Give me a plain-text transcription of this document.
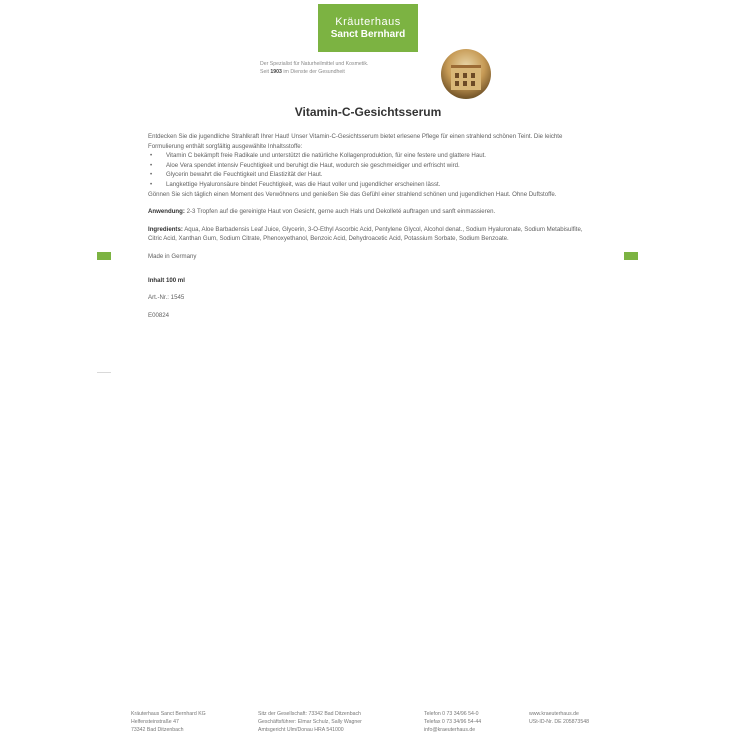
Kräuterhaus
Sanct Bernhard
Der Spezialist für Naturheilmittel und Kosmetik.
Seit 1903 im Dienste der Gesundheit
Vitamin-C-Gesichtsserum

Entdecken Sie die jugendliche Strahlkraft Ihrer Haut! Unser Vitamin-C-Gesichtsserum bietet erlesene Pflege für einen strahlend schönen Teint. Die leichte Formulierung enthält sorgfältig ausgewählte Inhaltsstoffe:

• Vitamin C bekämpft freie Radikale und unterstützt die natürliche Kollagenproduktion, für eine festere und glattere Haut.
• Aloe Vera spendet intensiv Feuchtigkeit und beruhigt die Haut, wodurch sie geschmeidiger und erfrischt wird.
• Glycerin bewahrt die Feuchtigkeit und Elastizität der Haut.
• Langkettige Hyaluronsäure bindet Feuchtigkeit, was die Haut voller und jugendlicher erscheinen lässt.

Gönnen Sie sich täglich einen Moment des Verwöhnens und genießen Sie das Gefühl einer strahlend schönen und jugendlichen Haut. Ohne Duftstoffe.

Anwendung: 2-3 Tropfen auf die gereinigte Haut von Gesicht, gerne auch Hals und Dekolleté auftragen und sanft einmassieren.

Ingredients: Aqua, Aloe Barbadensis Leaf Juice, Glycerin, 3-O-Ethyl Ascorbic Acid, Pentylene Glycol, Alcohol denat., Sodium Hyaluronate, Sodium Metabisulfite, Citric Acid, Xanthan Gum, Sodium Citrate, Phenoxyethanol, Benzoic Acid, Dehydroacetic Acid, Potassium Sorbate, Sodium Benzoate.

Made in Germany

Inhalt 100 ml

Art.-Nr.: 1545

E00824

Kräuterhaus Sanct Bernhard KG
Helfensteinstraße 47
73342 Bad Ditzenbach
Sitz der Gesellschaft: 73342 Bad Ditzenbach
Geschäftsführer: Elmar Schulz, Sally Wagner
Amtsgericht Ulm/Donau HRA 541000
Telefon 0 73 34/96 54-0
Telefax 0 73 34/96 54-44
info@kraeuterhaus.de
www.kraeuterhaus.de
USt-ID-Nr. DE 205873548
